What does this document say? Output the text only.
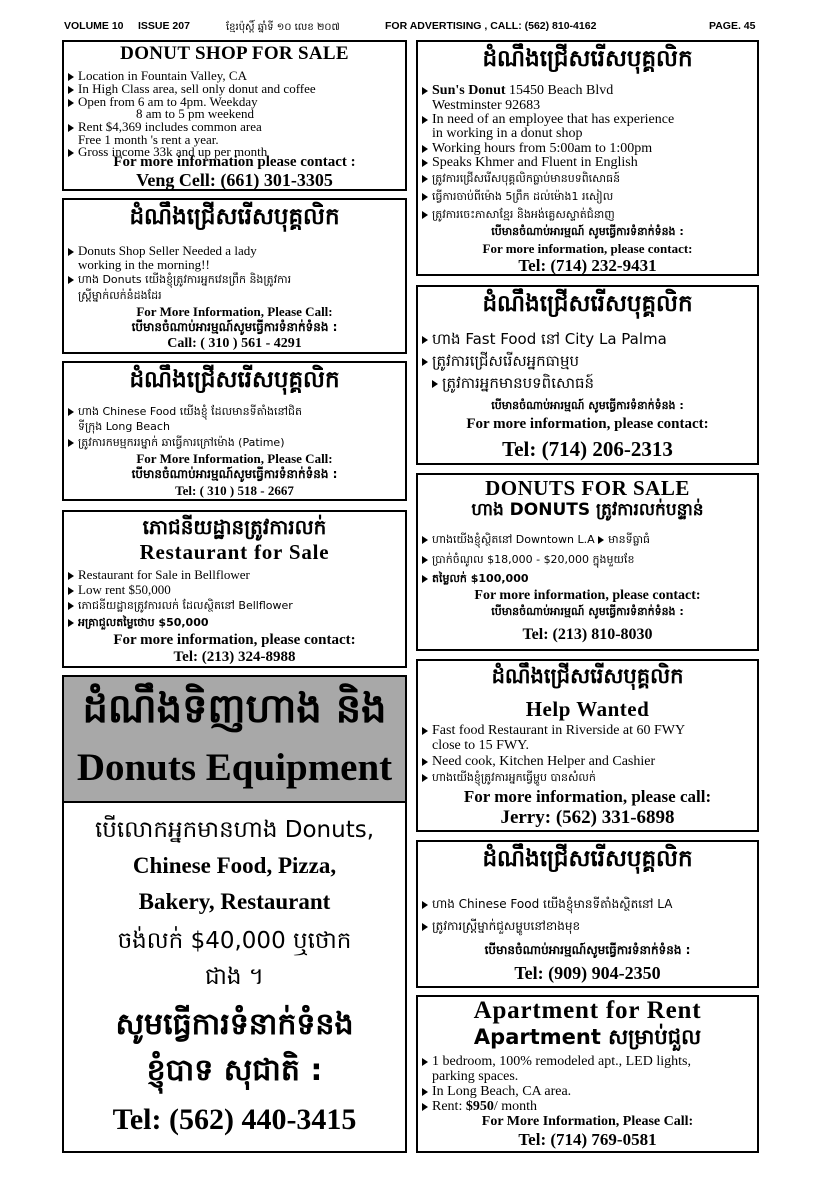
VOLUME 10 ISSUE 207	ខ្មែរប៉ុស្ដិ៍ ឆ្នាំទី ១០ លេខ ២០៧	FOR ADVERTISING , CALL: (562) 810-4162	PAGE. 45
DONUT SHOP FOR SALE
Location in Fountain Valley, CA
In High Class area, sell only donut and coffee
Open from 6 am to 4pm. Weekday
8 am to 5 pm weekend
Rent $4,369 includes common area
Free 1 month 's rent a year.
Gross income 33k and up per month
For more information please contact :
Veng Cell: (661) 301-3305
ដំណឹងជ្រើសរើសបុគ្គលិក
Donuts Shop Seller Needed a lady
working in the morning!!
ហាង Donuts យើងខ្ញុំត្រូវការអ្នកវេនព្រឹក និងត្រូវការ
ស្ត្រីម្នាក់លក់នំដងដែរ
For More Information, Please Call:
បើមានចំណាប់អារម្មណ៍សូមធ្វើការទំនាក់ទំនង :
Call: ( 310 ) 561 - 4291
ដំណឹងជ្រើសរើសបុគ្គលិក
ហាង Chinese Food យើងខ្ញុំ ដែលមានទីតាំងនៅជិត
ទីក្រុង Long Beach
ត្រូវការកមម្មកររម្នាក់ ឆាធ្វើការក្រៅម៉ោង (Patime)
For More Information, Please Call:
បើមានចំណាប់អារម្មណ៍សូមធ្វើការទំនាក់ទំនង :
Tel: ( 310 ) 518 - 2667
ភោជនីយដ្ឋានត្រូវការលក់
Restaurant for Sale
Restaurant for Sale in Bellflower
Low rent $50,000
ភោជនីយដ្ឋានត្រូវការលក់ ដែលស្ថិតនៅ Bellflower
អគ្រាជួលតម្លៃថោប $50,000
For more information, please contact:
Tel: (213) 324-8988
ដំណឹងទិញហាង និង
Donuts Equipment
បើលោកអ្នកមានហាង Donuts,
Chinese Food, Pizza,
Bakery, Restaurant
ចង់លក់ $40,000 ឬថោក
ជាង ។
សូមធ្វើការទំនាក់ទំនង
ខ្ញុំបាទ សុជាតិ :
Tel: (562) 440-3415
ដំណឹងជ្រើសរើសបុគ្គលិក
Sun's Donut 15450 Beach Blvd
Westminster 92683
In need of an employee that has experience
in working in a donut shop
Working hours from 5:00am to 1:00pm
Speaks Khmer and Fluent in English
ត្រូវការជ្រើសរើសបុគ្គលិកធ្លាប់មានបទពិសោធន៍
ធ្វើការចាប់ពីម៉ោង 5ព្រឹក ដល់ម៉ោង1 រសៀល
ត្រូវការចេះភាសាខ្មែរ និងអង់គ្លេសស្ទាត់ជំនាញ
បើមានចំណាប់អារម្មណ៍ សូមធ្វើការទំនាក់ទំនង :
For more information, please contact:
Tel: (714) 232-9431
ដំណឹងជ្រើសរើសបុគ្គលិក
ហាង Fast Food នៅ City La Palma
ត្រូវការជ្រើសរើសអ្នកធាម្មប
ត្រូវការអ្នកមានបទពិសោធន៍
បើមានចំណាប់អារម្មណ៍ សូមធ្វើការទំនាក់ទំនង :
For more information, please contact:
Tel: (714) 206-2313
DONUTS FOR SALE
ហាង DONUTS ត្រូវការលក់បន្ទាន់
ហាងយើងខ្ញុំស្ថិតនៅ Downtown L.A មានទីធ្លាធំ
ប្រាក់ចំណូល $18,000 - $20,000 ក្នុងមួយខែ
តម្លៃលក់ $100,000
For more information, please contact:
បើមានចំណាប់អារម្មណ៍ សូមធ្វើការទំនាក់ទំនង :
Tel: (213) 810-8030
ដំណឹងជ្រើសរើសបុគ្គលិក
Help Wanted
Fast food Restaurant in Riverside at 60 FWY
close to 15 FWY.
Need cook, Kitchen Helper and Cashier
ហាងយើងខ្ញុំត្រូវការអ្នកធ្វើម្ហូប បានសំលក់
For more information, please call:
Jerry: (562) 331-6898
ដំណឹងជ្រើសរើសបុគ្គលិក
ហាង Chinese Food យើងខ្ញុំមានទីតាំងស្ថិតនៅ LA
ត្រូវការស្ត្រីម្នាក់ជួសម្ហូបនៅខាងមុខ
បើមានចំណាប់អារម្មណ៍សូមធ្វើការទំនាក់ទំនង :
Tel: (909) 904-2350
Apartment for Rent
Apartment សម្រាប់ជួល
1 bedroom, 100% remodeled apt., LED lights,
parking spaces.
In Long Beach, CA area.
Rent: $950/ month
For More Information, Please Call:
Tel: (714) 769-0581
